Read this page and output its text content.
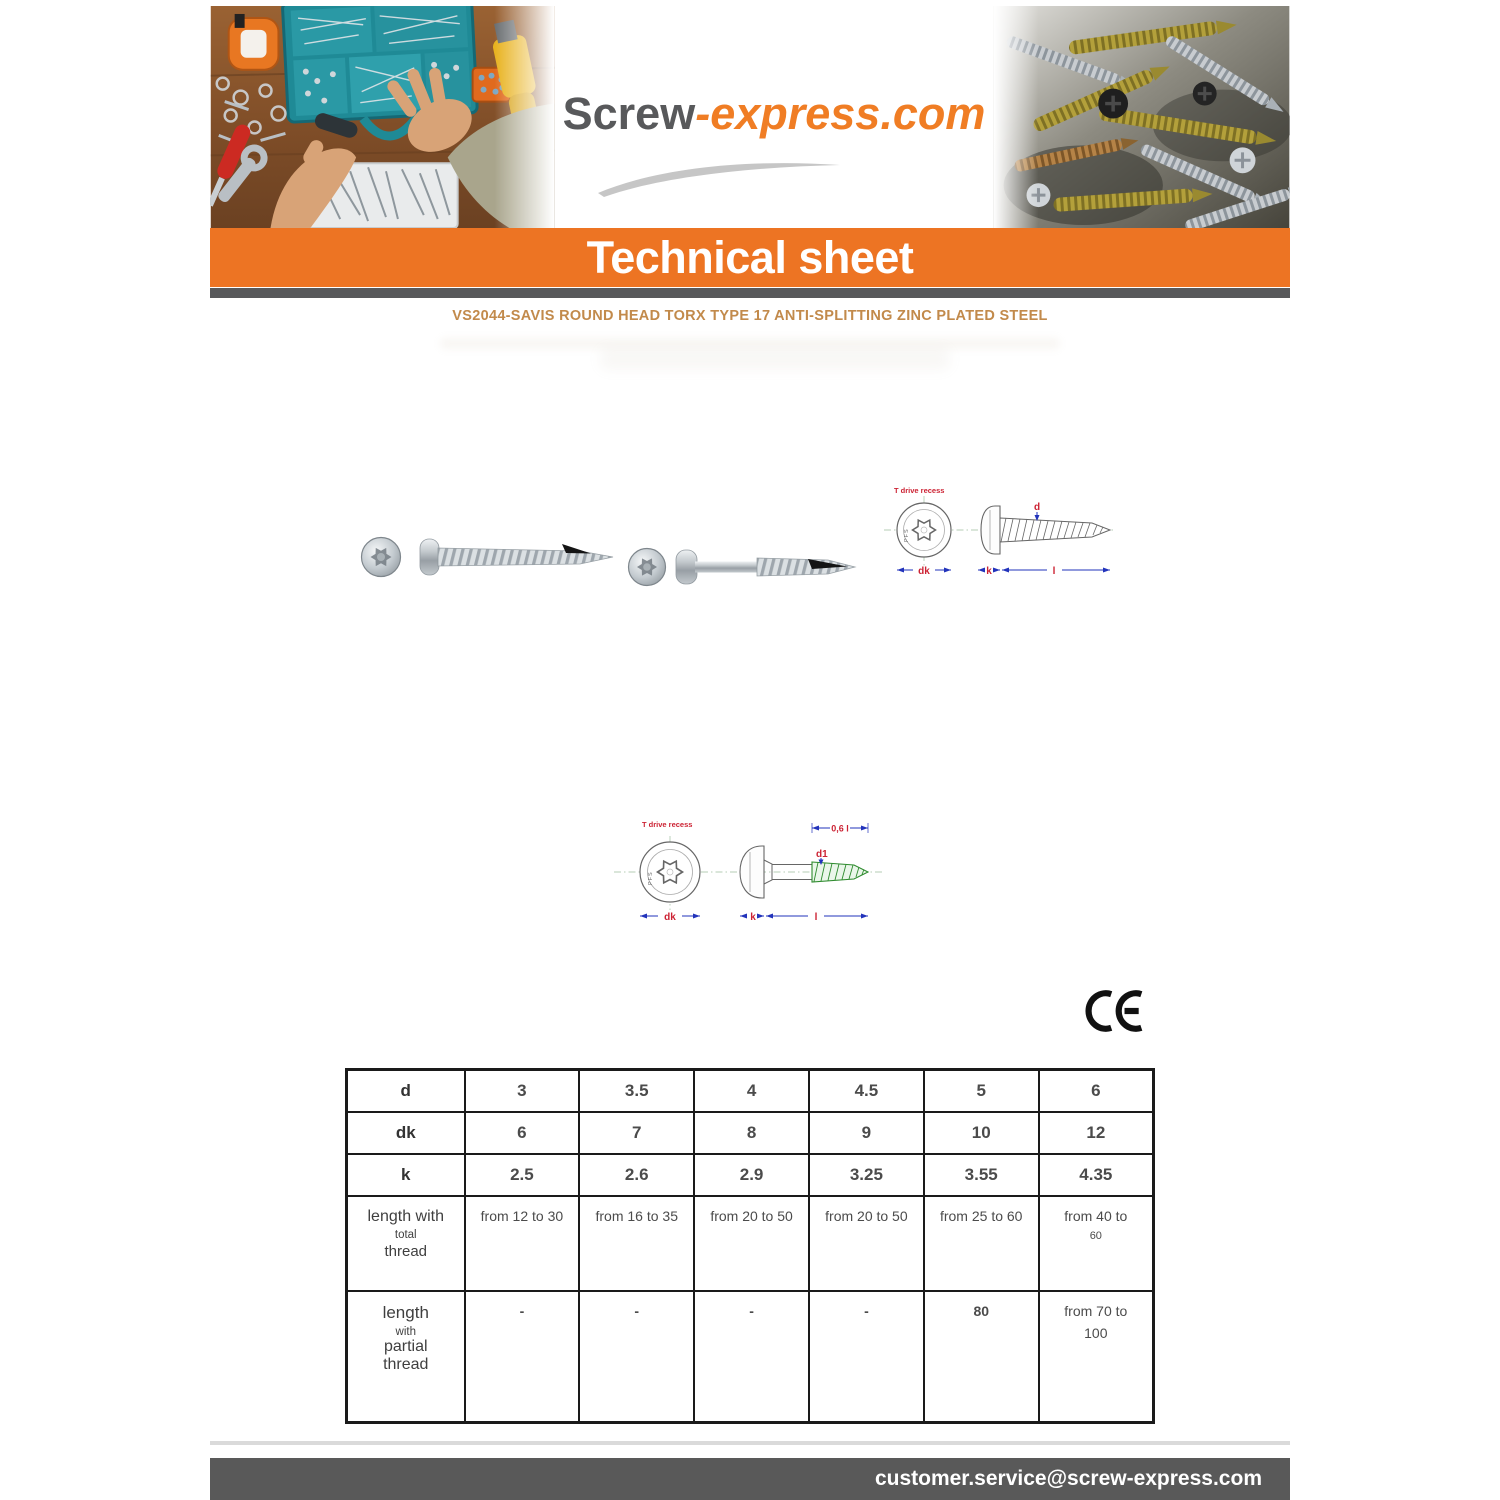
Screw-express.com
Technical sheet
VS2044-SAVIS ROUND HEAD TORX TYPE 17 ANTI-SPLITTING ZINC PLATED STEEL
T drive recess
PFS
dk
d
k	l
T drive recess
PFS
dk
d1
0,6 l
k	l
d	3	3.5	4	4.5	5	6
dk	6	7	8	9	10	12
k	2.5	2.6	2.9	3.25	3.55	4.35

length with
total
thread	from 12 to 30	from 16 to 35	from 20 to 50	from 20 to 50	from 25 to 60	from 40 to
60

length
with
partial
thread	-	-	-	-	80	from 70 to
100
customer.service@screw-express.com
